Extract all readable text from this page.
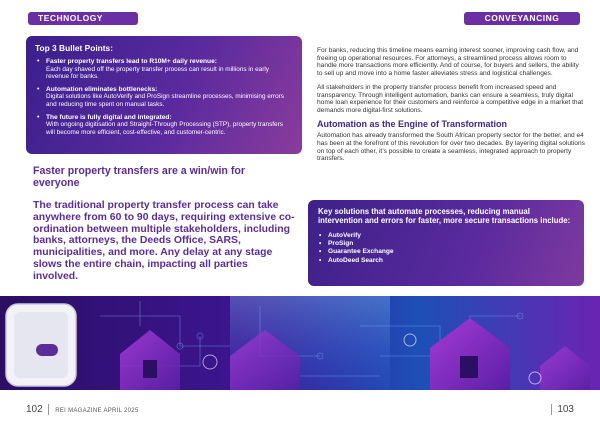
TECHNOLOGY	CONVEYANCING
Top 3 Bullet Points:
• Faster property transfers lead to R10M+ daily revenue:
Each day shaved off the property transfer process can result in millions in early revenue for banks.
• Automation eliminates bottlenecks:
Digital solutions like AutoVerify and ProSign streamline processes, minimising errors and reducing time spent on manual tasks.
• The future is fully digital and integrated:
With ongoing digitisation and Straight-Through Processing (STP), property transfers will become more efficient, cost-effective, and customer-centric.
Faster property transfers are a win/win for everyone
The traditional property transfer process can take anywhere from 60 to 90 days, requiring extensive co-ordination between multiple stakeholders, including banks, attorneys, the Deeds Office, SARS, municipalities, and more. Any delay at any stage slows the entire chain, impacting all parties involved.

For banks, reducing this timeline means earning interest sooner, improving cash flow, and freeing up operational resources. For attorneys, a streamlined process allows room to handle more transactions more efficiently. And of course, for buyers and sellers, the ability to sell up and move into a home faster alleviates stress and logistical challenges.

All stakeholders in the property transfer process benefit from increased speed and transparency. Through intelligent automation, banks can ensure a seamless, truly digital home loan experience for their customers and reinforce a competitive edge in a market that demands more digital-first solutions.

Automation as the Engine of Transformation

Automation has already transformed the South African property sector for the better, and e4 has been at the forefront of this revolution for over two decades. By layering digital solutions on top of each other, it’s possible to create a seamless, integrated approach to property transfers.

Key solutions that automate processes, reducing manual intervention and errors for faster, more secure transactions include:
• AutoVerify
• ProSign
• Guarantee Exchange
• AutoDeed Search
102 REI MAGAZINE APRIL 2025	103
